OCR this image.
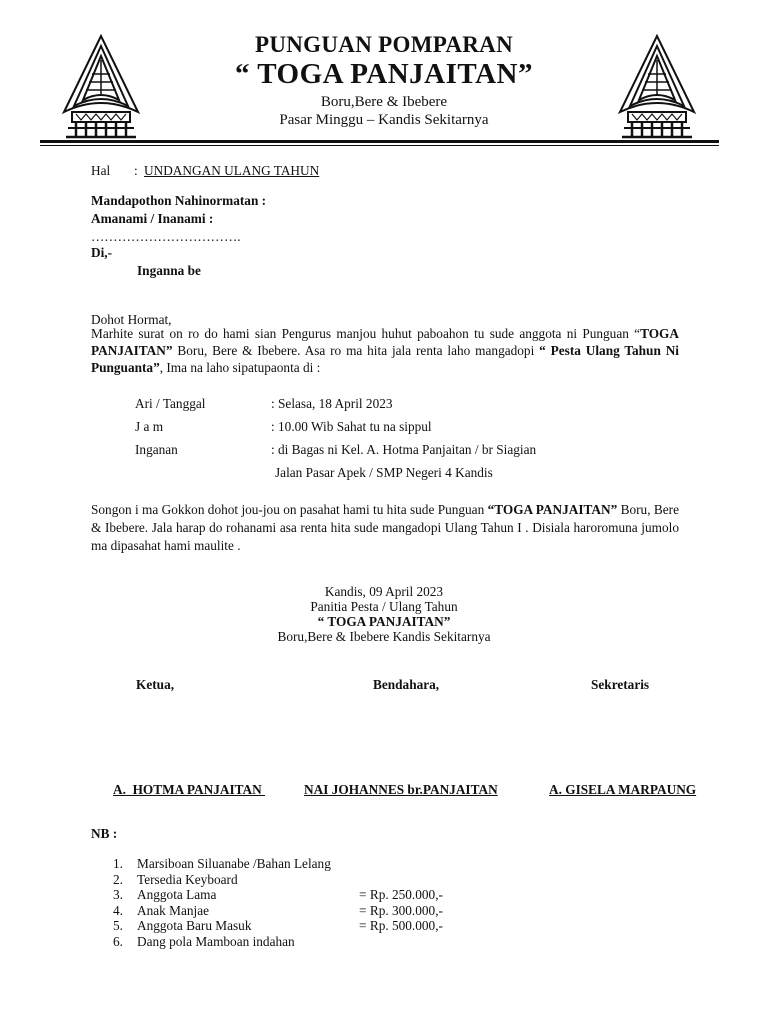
PUNGUAN POMPARAN
“ TOGA PANJAITAN”
Boru,Bere & Ibebere
Pasar Minggu – Kandis Sekitarnya
Hal : UNDANGAN ULANG TAHUN
Mandapothon Nahinormatan :
Amanami / Inanami :
…………………………….
Di,-
Inganna be
Dohot Hormat,
Marhite surat on ro do hami sian Pengurus manjou huhut paboahon tu sude anggota ni Punguan “TOGA PANJAITAN” Boru, Bere & Ibebere. Asa ro ma hita jala renta laho mangadopi “ Pesta Ulang Tahun Ni Punguanta”, Ima na laho sipatupaonta di :
Ari / Tanggal	: Selasa, 18 April 2023
J a m	: 10.00 Wib Sahat tu na sippul
Inganan	: di Bagas ni Kel. A. Hotma Panjaitan / br Siagian
Jalan Pasar Apek / SMP Negeri 4 Kandis
Songon i ma Gokkon dohot jou-jou on pasahat hami tu hita sude Punguan “TOGA PANJAITAN” Boru, Bere & Ibebere. Jala harap do rohanami asa renta hita sude mangadopi Ulang Tahun I . Disiala haroromuna jumolo ma dipasahat hami maulite .
Kandis, 09 April 2023
Panitia Pesta / Ulang Tahun
“ TOGA PANJAITAN”
Boru,Bere & Ibebere Kandis Sekitarnya
Ketua,	Bendahara,	Sekretaris
A.  HOTMA PANJAITAN	NAI JOHANNES br.PANJAITAN	A. GISELA MARPAUNG
NB :
1. Marsiboan Siluanabe /Bahan Lelang
2. Tersedia Keyboard
3. Anggota Lama	= Rp. 250.000,-
4. Anak Manjae	= Rp. 300.000,-
5. Anggota Baru Masuk	= Rp. 500.000,-
6. Dang pola Mamboan indahan
